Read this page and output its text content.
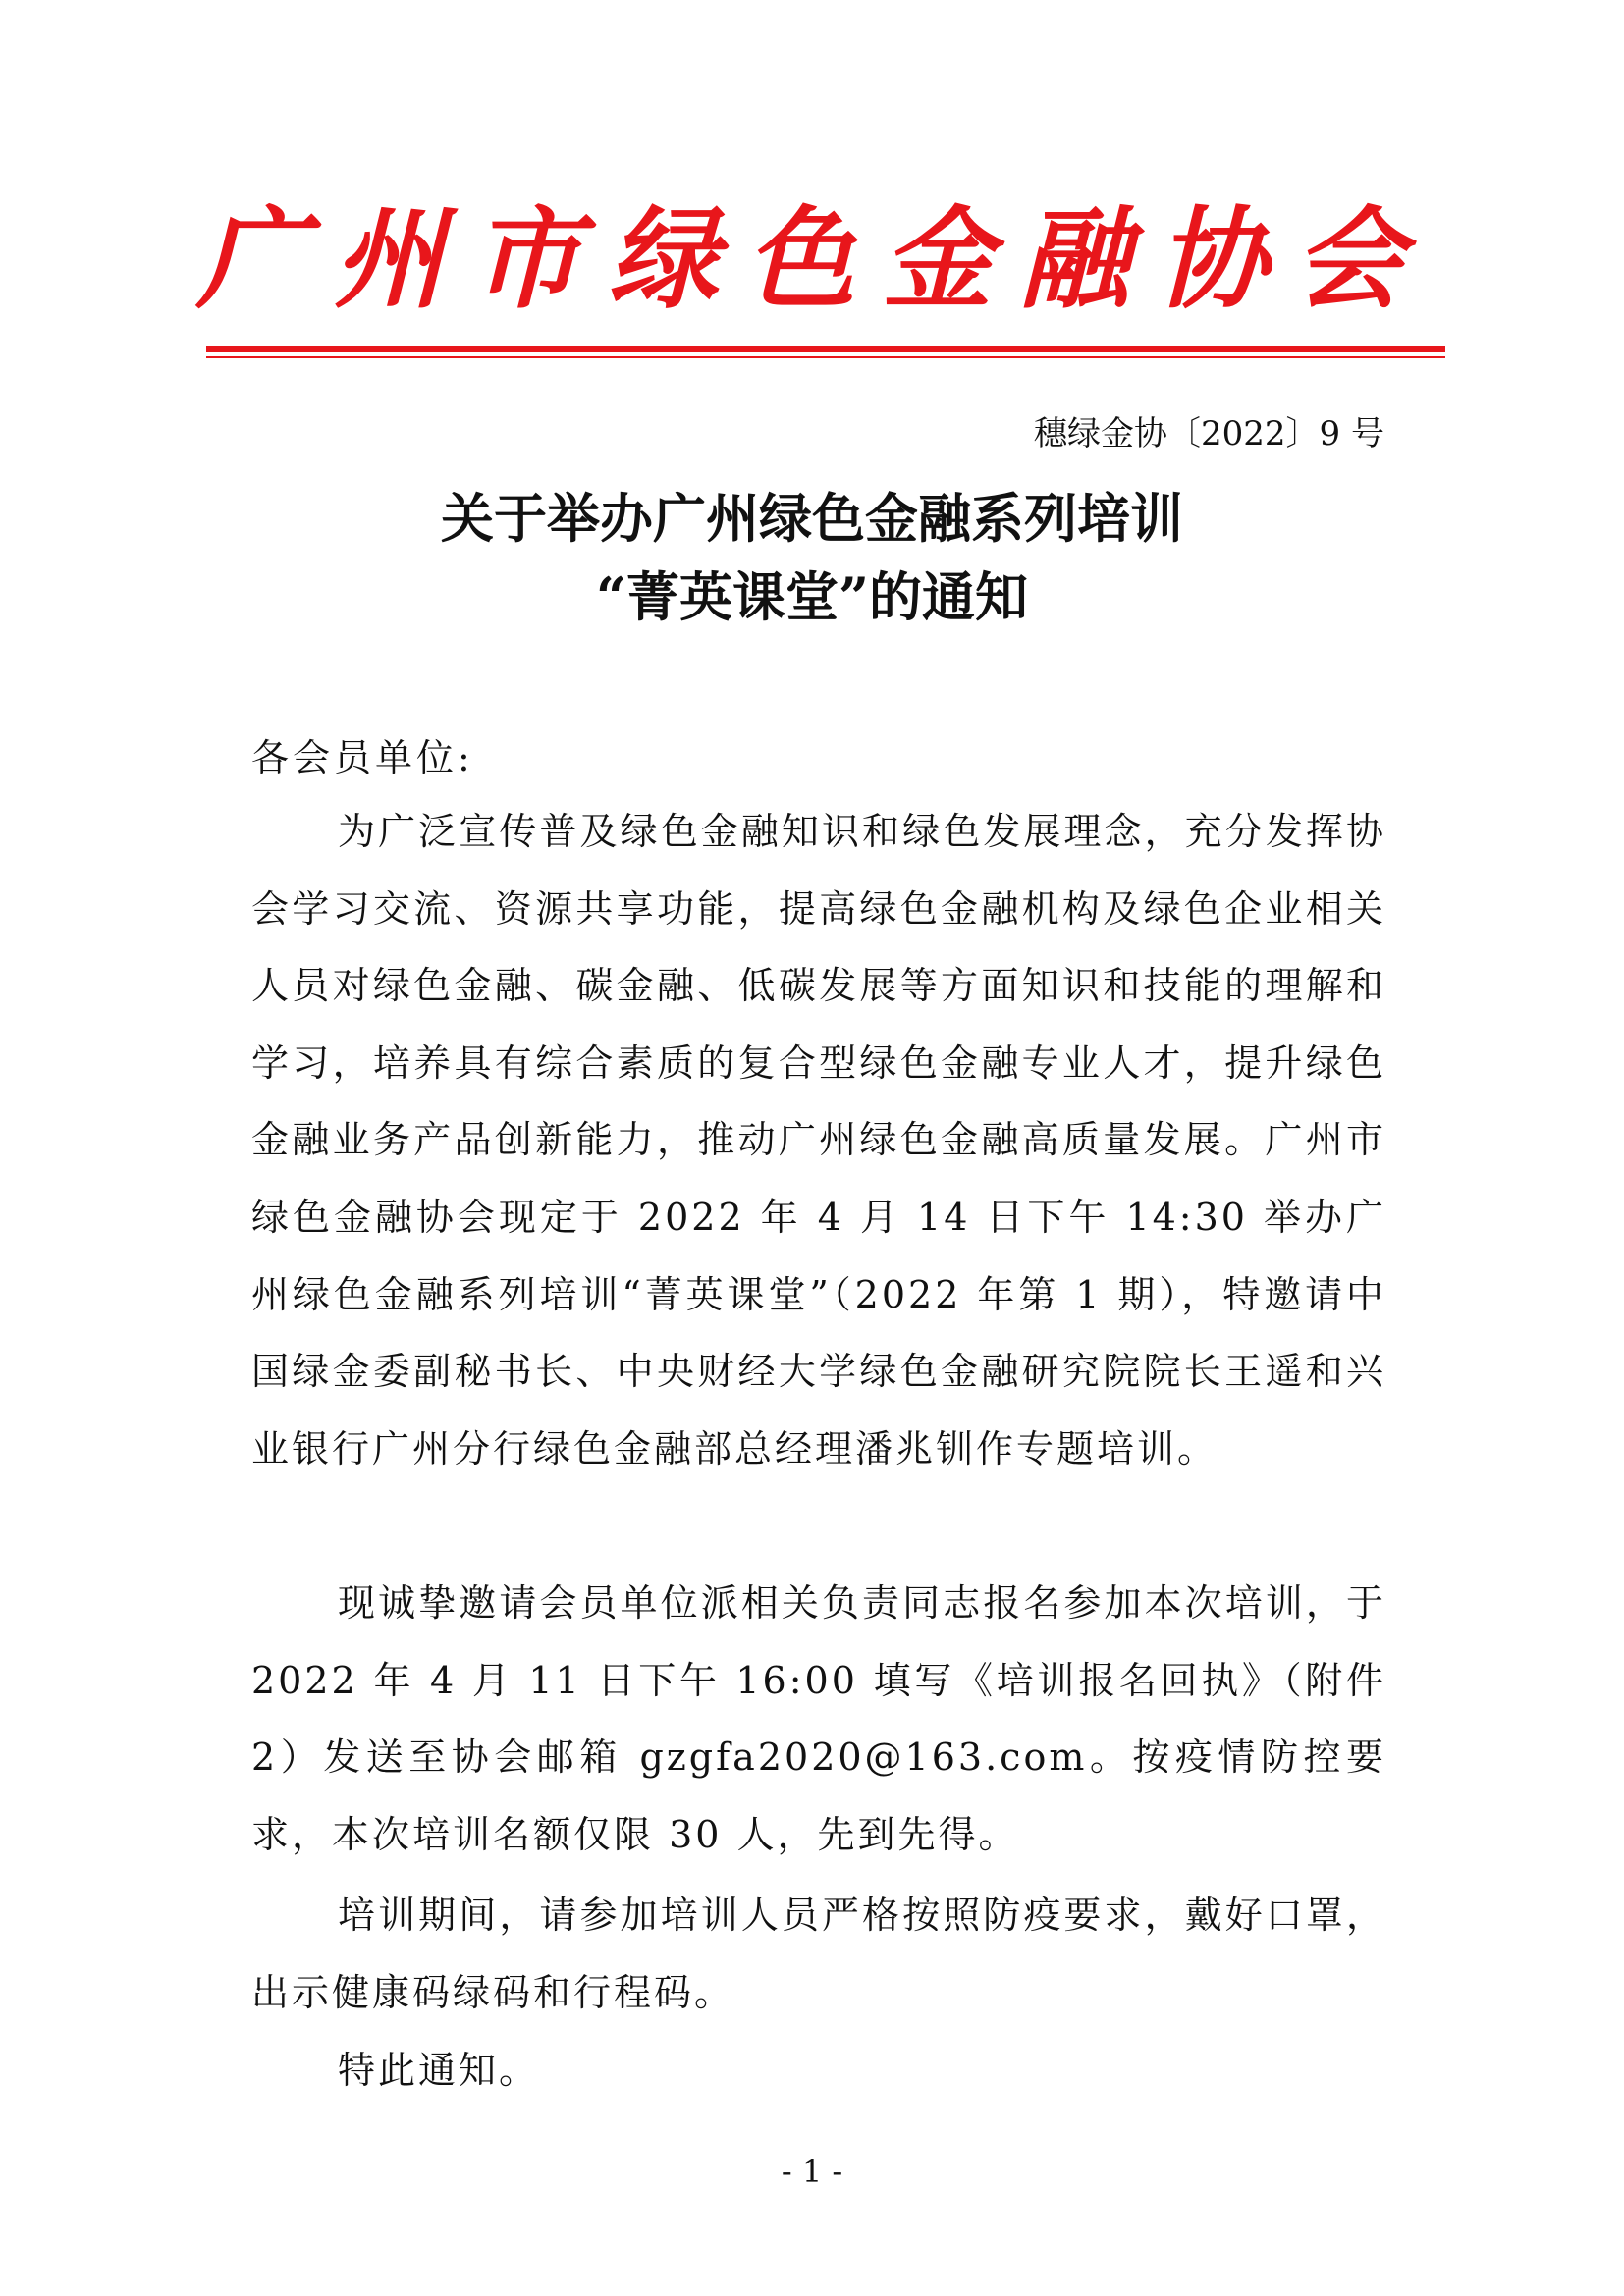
广 州 市 绿 色 金 融 协 会
穗绿金协〔2022〕9 号
关于举办广州绿色金融系列培训
“菁英课堂”的通知
各会员单位:

为广泛宣传普及绿色金融知识和绿色发展理念，充分发挥协会学习交流、资源共享功能，提高绿色金融机构及绿色企业相关人员对绿色金融、碳金融、低碳发展等方面知识和技能的理解和学习，培养具有综合素质的复合型绿色金融专业人才，提升绿色金融业务产品创新能力，推动广州绿色金融高质量发展。广州市绿色金融协会现定于 2022 年 4 月 14 日下午 14:30 举办广州绿色金融系列培训“菁英课堂”（2022 年第 1 期），特邀请中国绿金委副秘书长、中央财经大学绿色金融研究院院长王遥和兴业银行广州分行绿色金融部总经理潘兆钏作专题培训。

现诚挚邀请会员单位派相关负责同志报名参加本次培训，于 2022 年 4 月 11 日下午 16:00 填写《培训报名回执》（附件 2）发送至协会邮箱 gzgfa2020@163.com。按疫情防控要求，本次培训名额仅限 30 人，先到先得。

培训期间，请参加培训人员严格按照防疫要求，戴好口罩，出示健康码绿码和行程码。

特此通知。

- 1 -
